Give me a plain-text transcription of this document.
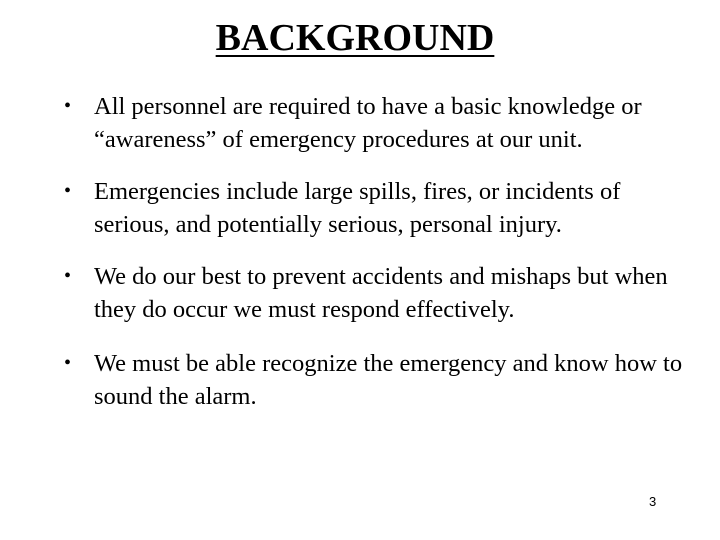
BACKGROUND
• All personnel are required to have a basic knowledge or “awareness” of emergency procedures at our unit.
• Emergencies include large spills, fires, or incidents of serious, and potentially serious, personal injury.
• We do our best to prevent accidents and mishaps but when they do occur we must respond effectively.
• We must be able recognize the emergency and know how to sound the alarm.
3
